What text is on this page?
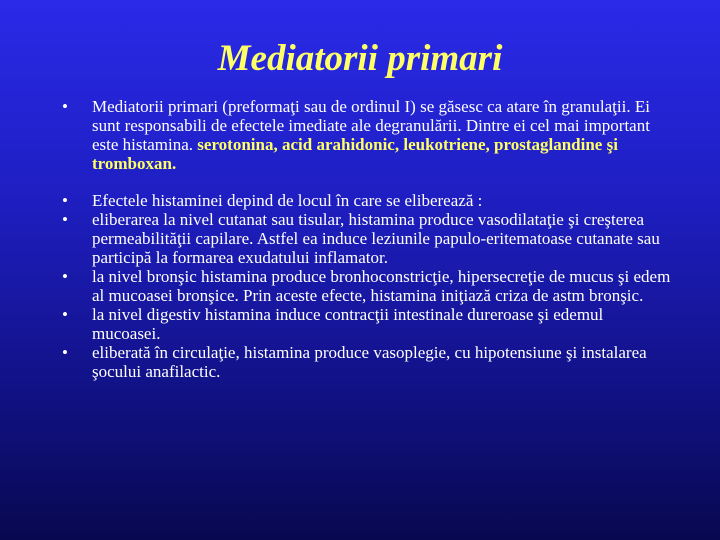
Mediatorii primari
•	Mediatorii primari (preformaţi sau de ordinul I) se găsesc ca atare în granulaţii. Ei sunt responsabili de efectele imediate ale degranulării. Dintre ei cel mai important este histamina. serotonina, acid arahidonic, leukotriene, prostaglandine şi tromboxan.
•	Efectele histaminei depind de locul în care se eliberează :
•	eliberarea la nivel cutanat sau tisular, histamina produce vasodilataţie şi creşterea permeabilităţii capilare. Astfel ea induce leziunile papulo-eritematoase cutanate sau participă la formarea exudatului inflamator.
•	la nivel bronşic histamina produce bronhoconstricţie, hipersecreţie de mucus şi edem al mucoasei bronşice. Prin aceste efecte, histamina iniţiază criza de astm bronşic.
•	la nivel digestiv histamina induce contracţii intestinale dureroase şi edemul mucoasei.
•	eliberată în circulaţie, histamina produce vasoplegie, cu hipotensiune şi instalarea şocului anafilactic.
